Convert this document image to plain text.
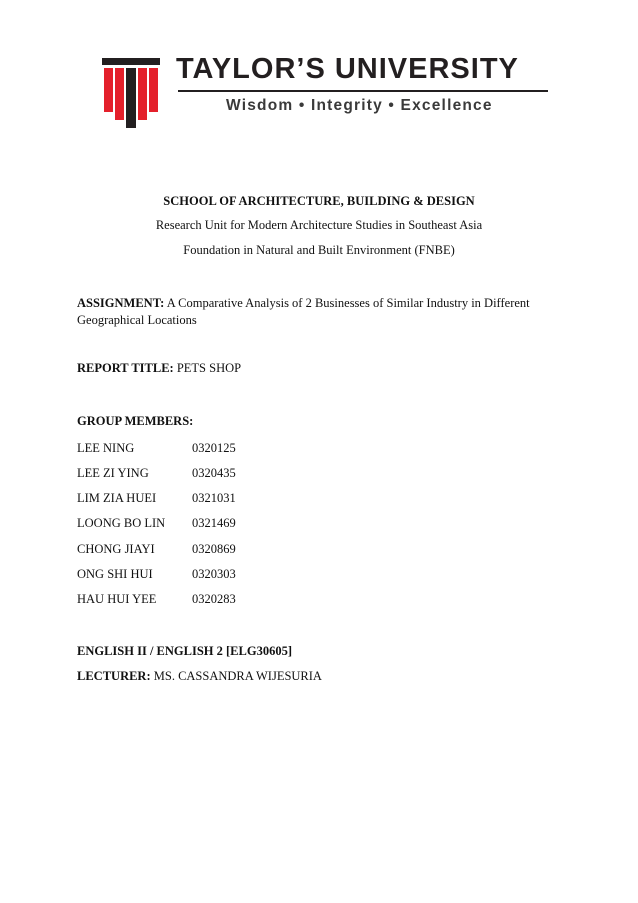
TAYLOR’S UNIVERSITY
Wisdom • Integrity • Excellence
SCHOOL OF ARCHITECTURE, BUILDING & DESIGN
Research Unit for Modern Architecture Studies in Southeast Asia
Foundation in Natural and Built Environment (FNBE)
ASSIGNMENT: A Comparative Analysis of 2 Businesses of Similar Industry in Different Geographical Locations
REPORT TITLE: PETS SHOP
GROUP MEMBERS:
LEE NING	0320125
LEE ZI YING	0320435
LIM ZIA HUEI	0321031
LOONG BO LIN 0321469
CHONG JIAYI	0320869
ONG SHI HUI	0320303
HAU HUI YEE	0320283
ENGLISH II / ENGLISH 2 [ELG30605]
LECTURER: MS. CASSANDRA WIJESURIA
